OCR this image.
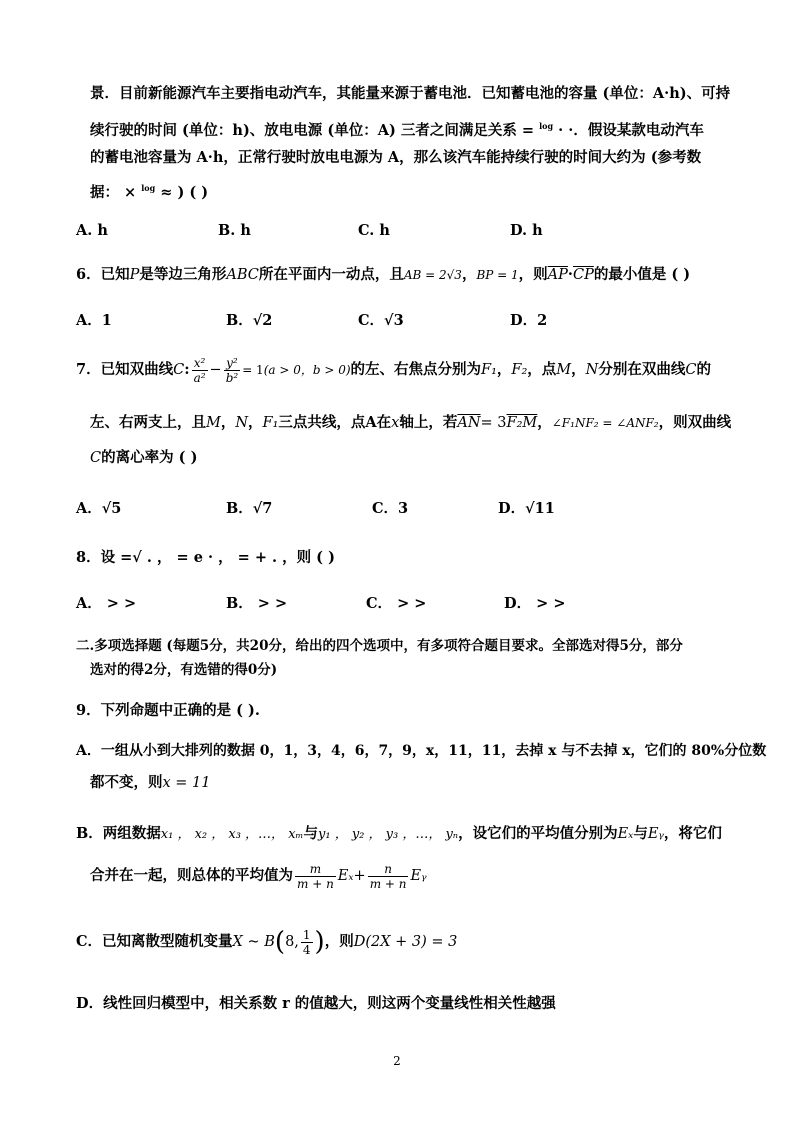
景．目前新能源汽车主要指电动汽车，其能量来源于蓄电池．已知蓄电池的容量 (单位：A·h)、可持
续行驶的时间 (单位：h)、放电电源 (单位：A) 三者之间满足关系 = $^{log}$ · ·．假设某款电动汽车
的蓄电池容量为 A·h，正常行驶时放电电源为 A，那么该汽车能持续行驶的时间大约为 (参考数
据： × $^{log}$ ≈ ) ( )
A. h	B. h	C. h	D. h
6．已知P是等边三角形ABC所在平面内一动点，且AB = 2√3，BP = 1，则$\overline{AP}\cdot\overline{CP}$的最小值是 ( )
A．1	B．√2	C．√3	D．2
7．已知双曲线C: $\frac{\text{x²}}{\text{a²}} - \frac{\text{y²}}{\text{b²}} = 1(a > 0$，b > 0)的左、右焦点分别为F₁，F₂，点M，N分别在双曲线C的
左、右两支上，且M，N，F₁三点共线，点A在x轴上，若$\overline{AN}= 3F_2M$，∠F₁NF₂ = ∠ANF₂，则双曲线
C的离心率为 ( )
A．√5	B．√7	C．3	D．√11
8．设 =√ . ， = e · ， = + . ，则 ( )
A． > >	B． > >	C． > >	D． > >
二.多项选择题 (每题5分，共20分，给出的四个选项中，有多项符合题目要求。全部选对得5分，部分
选对的得2分，有选错的得0分)
9．下列命题中正确的是 ( ).
A．一组从小到大排列的数据 0，1，3，4，6，7，9，x，11，11，去掉 x 与不去掉 x，它们的 80%分位数
都不变，则x = 11
B．两组数据x₁ ， x₂ ， x₃ ，…， xₘ与y₁ ， y₂ ， y₃ ，…， yₙ，设它们的平均值分别为Eₓ与Eᵧ，将它们
合并在一起，则总体的平均值为 $\frac{m}{m + n} E_x+ \frac{n}{m + n}$ Eᵧ
C．已知离散型随机变量X ~ B(8, $\frac{1}{4}$ )，则D(2X + 3) = 3
D．线性回归模型中，相关系数 r 的值越大，则这两个变量线性相关性越强
2
